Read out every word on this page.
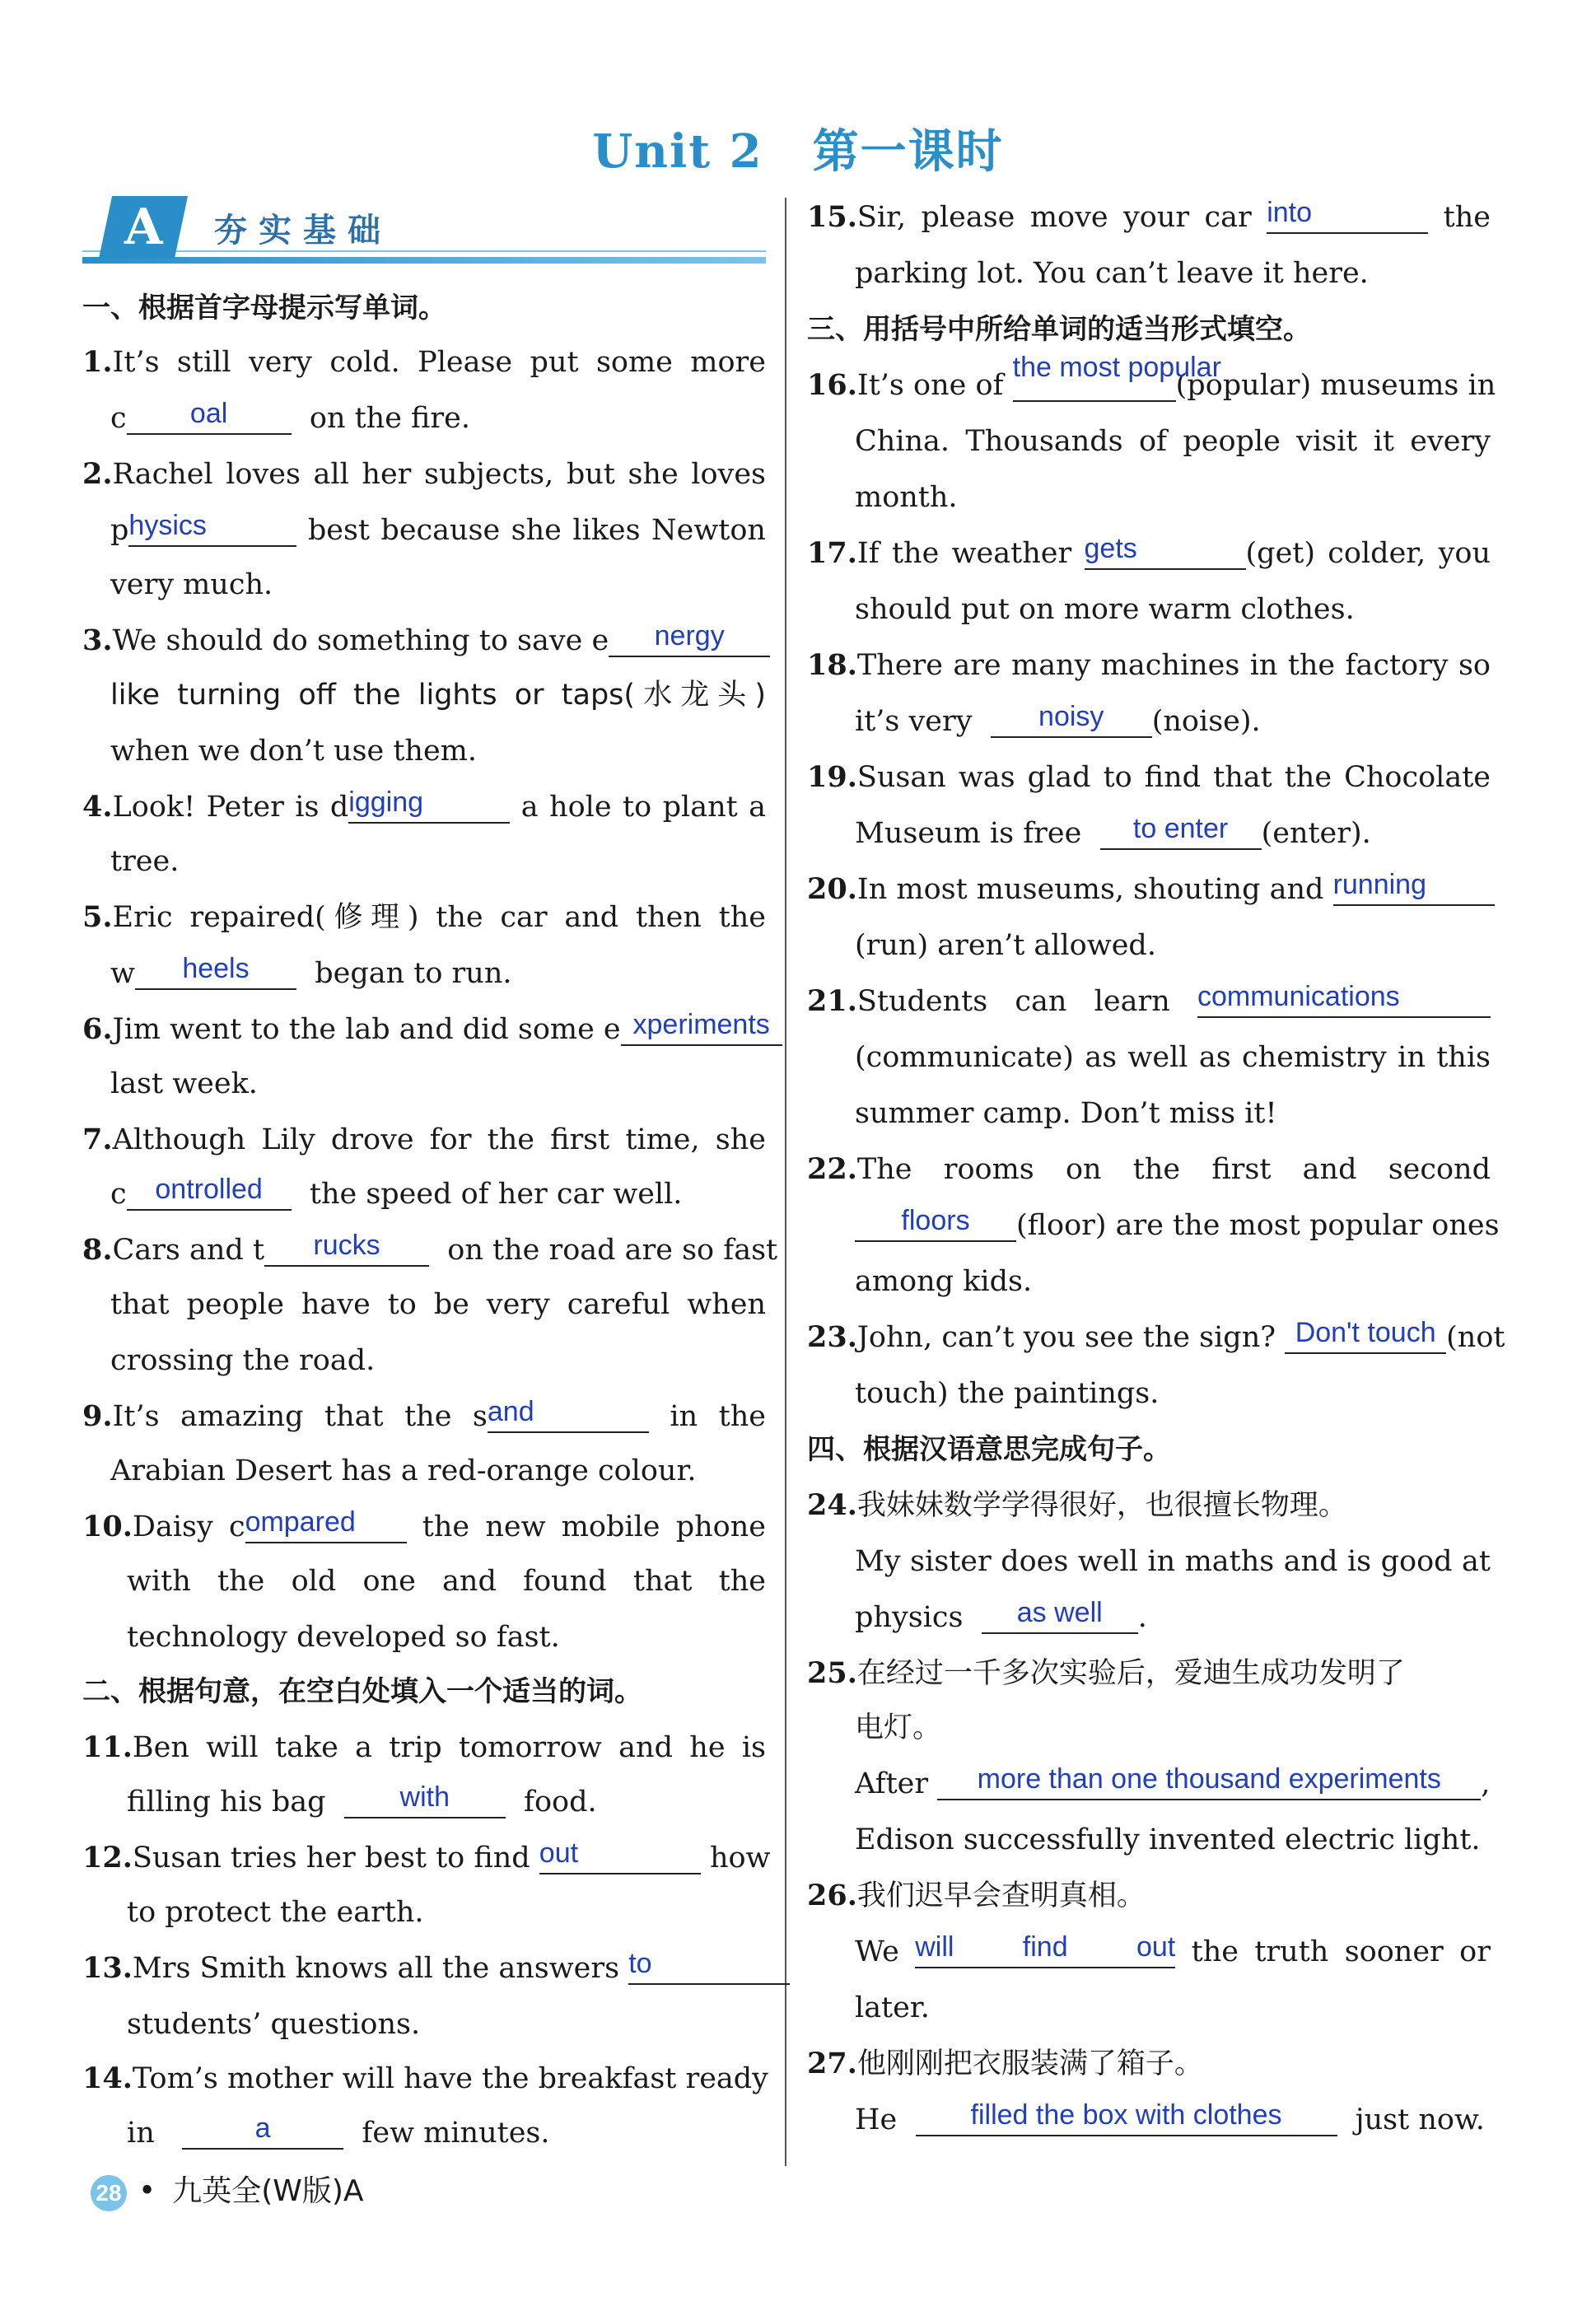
Unit 2 第一课时
A	夯实基础
一、根据首字母提示写单词。
1.It’s still very cold. Please put some more
c oal	on the fire.
2.Rachel loves all her subjects, but she loves
physics	best because she likes Newton
very much.
3.We should do something to save e nergy
like turning off the lights or taps(水龙头)
when we don’t use them.
4.Look! Peter is digging	a hole to plant a
tree.
5.Eric repaired(修理) the car and then the
w heels began to run.
6.Jim went to the lab and did some e xperiments
last week.
7.Although Lily drove for the first time, she
c ontrolled the speed of her car well.
8.Cars and t rucks on the road are so fast
that people have to be very careful when
crossing the road.
9.It’s amazing that the sand	in the
Arabian Desert has a red-orange colour.
10.Daisy compared the new mobile phone
with the old one and found that the
technology developed so fast.
二、根据句意，在空白处填入一个适当的词。
11.Ben will take a trip tomorrow and he is
filling his bag	with	food.
12.Susan tries her best to find out	how
to protect the earth.
13.Mrs Smith knows all the answers to
students’ questions.
14.Tom’s mother will have the breakfast ready
in	a	few minutes.
15.Sir, please move your car into	the
parking lot. You can’t leave it here.
三、用括号中所给单词的适当形式填空。
16.It’s one of the most popular(popular) museums in
China. Thousands of people visit it every
month.
17.If the weather gets	(get) colder, you
should put on more warm clothes.
18.There are many machines in the factory so
it’s very noisy (noise).
19.Susan was glad to find that the Chocolate
Museum is free to enter (enter).
20.In most museums, shouting and running
(run) aren’t allowed.
21.Students can learn communications
(communicate) as well as chemistry in this
summer camp. Don’t miss it!
22.The rooms on the first and second
floors (floor) are the most popular ones
among kids.
23.John, can’t you see the sign? Don't touch (not
touch) the paintings.
四、根据汉语意思完成句子。
24.我妹妹数学学得很好，也很擅长物理。
My sister does well in maths and is good at
physics as well .
25.在经过一千多次实验后，爱迪生成功发明了
电灯。
After more than one thousand experiments ,
Edison successfully invented electric light.
26.我们迟早会查明真相。
We will find out the truth sooner or
later.
27.他刚刚把衣服装满了箱子。
He	filled the box with clothes	just now.
28 • 九英全(W版)A
